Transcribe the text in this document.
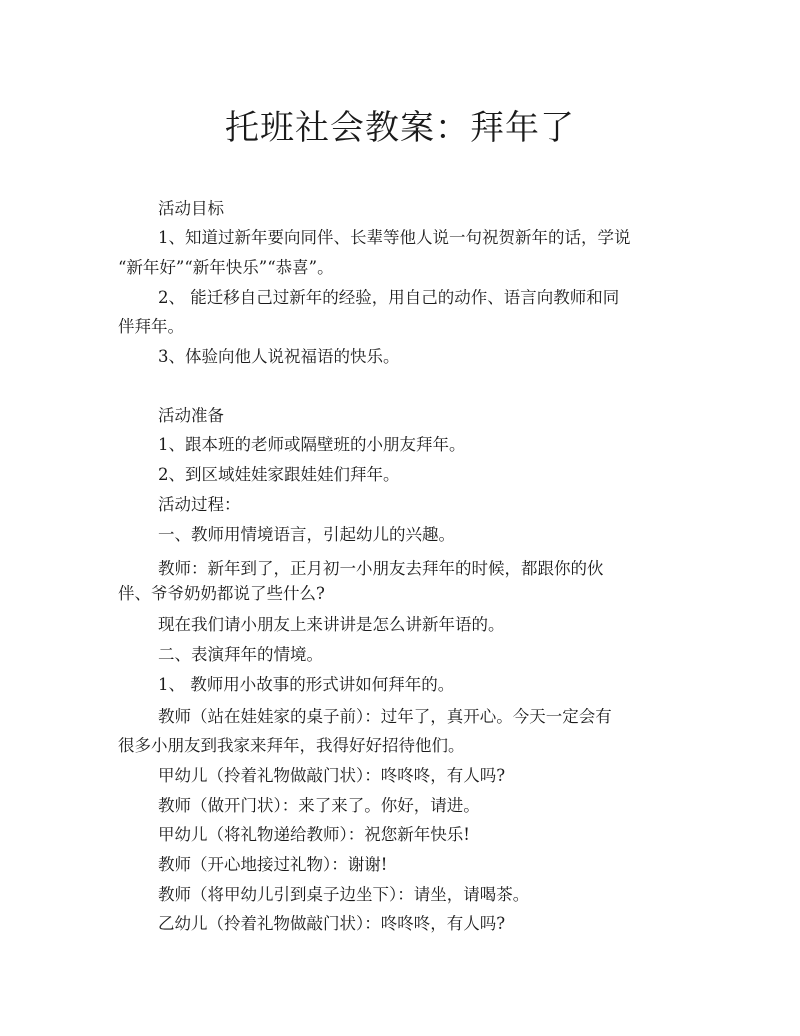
托班社会教案：拜年了

活动目标

1、知道过新年要向同伴、长辈等他人说一句祝贺新年的话，学说

“新年好”“新年快乐”“恭喜”。

2、 能迁移自己过新年的经验，用自己的动作、语言向教师和同

伴拜年。

3、体验向他人说祝福语的快乐。

活动准备

1、跟本班的老师或隔壁班的小朋友拜年。

2、到区域娃娃家跟娃娃们拜年。

活动过程：

一、教师用情境语言，引起幼儿的兴趣。

教师：新年到了，正月初一小朋友去拜年的时候，都跟你的伙

伴、爷爷奶奶都说了些什么?

现在我们请小朋友上来讲讲是怎么讲新年语的。

二、表演拜年的情境。

1、 教师用小故事的形式讲如何拜年的。

教师（站在娃娃家的桌子前）：过年了，真开心。今天一定会有

很多小朋友到我家来拜年，我得好好招待他们。

甲幼儿（拎着礼物做敲门状）：咚咚咚，有人吗?

教师（做开门状）：来了来了。你好，请进。

甲幼儿（将礼物递给教师）：祝您新年快乐!

教师（开心地接过礼物）：谢谢!

教师（将甲幼儿引到桌子边坐下）：请坐，请喝茶。

乙幼儿（拎着礼物做敲门状）：咚咚咚，有人吗?
